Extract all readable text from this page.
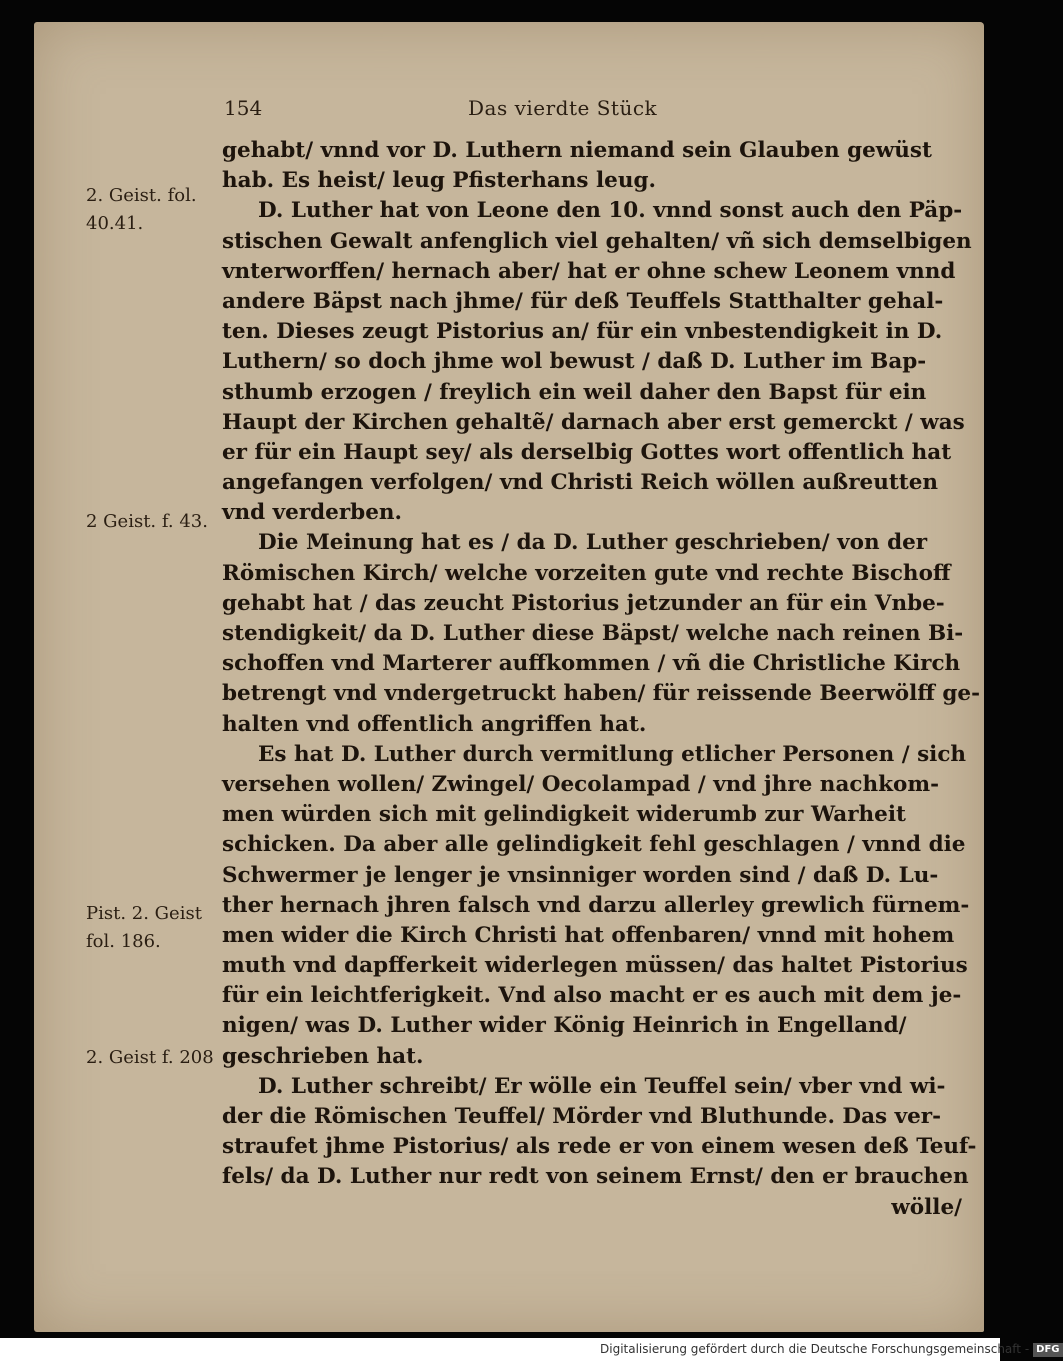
154	Das vierdte Stück
2. Geist. fol.
40.41.
2 Geist. f. 43.
Pist. 2. Geist
fol. 186.
2. Geist f. 208
gehabt/ vnnd vor D. Luthern niemand sein Glauben gewüst
hab. Es heist/ leug Pfisterhans leug.
D. Luther hat von Leone den 10. vnnd sonst auch den Päp-
stischen Gewalt anfenglich viel gehalten/ vñ sich demselbigen
vnterworffen/ hernach aber/ hat er ohne schew Leonem vnnd
andere Bäpst nach jhme/ für deß Teuffels Statthalter gehal-
ten. Dieses zeugt Pistorius an/ für ein vnbestendigkeit in D.
Luthern/ so doch jhme wol bewust / daß D. Luther im Bap-
sthumb erzogen / freylich ein weil daher den Bapst für ein
Haupt der Kirchen gehaltẽ/ darnach aber erst gemerckt / was
er für ein Haupt sey/ als derselbig Gottes wort offentlich hat
angefangen verfolgen/ vnd Christi Reich wöllen außreutten
vnd verderben.
Die Meinung hat es / da D. Luther geschrieben/ von der
Römischen Kirch/ welche vorzeiten gute vnd rechte Bischoff
gehabt hat / das zeucht Pistorius jetzunder an für ein Vnbe-
stendigkeit/ da D. Luther diese Bäpst/ welche nach reinen Bi-
schoffen vnd Marterer auffkommen / vñ die Christliche Kirch
betrengt vnd vndergetruckt haben/ für reissende Beerwölff ge-
halten vnd offentlich angriffen hat.
Es hat D. Luther durch vermitlung etlicher Personen / sich
versehen wollen/ Zwingel/ Oecolampad / vnd jhre nachkom-
men würden sich mit gelindigkeit widerumb zur Warheit
schicken. Da aber alle gelindigkeit fehl geschlagen / vnnd die
Schwermer je lenger je vnsinniger worden sind / daß D. Lu-
ther hernach jhren falsch vnd darzu allerley grewlich fürnem-
men wider die Kirch Christi hat offenbaren/ vnnd mit hohem
muth vnd dapfferkeit widerlegen müssen/ das haltet Pistorius
für ein leichtferigkeit. Vnd also macht er es auch mit dem je-
nigen/ was D. Luther wider König Heinrich in Engelland/
geschrieben hat.
D. Luther schreibt/ Er wölle ein Teuffel sein/ vber vnd wi-
der die Römischen Teuffel/ Mörder vnd Bluthunde. Das ver-
straufet jhme Pistorius/ als rede er von einem wesen deß Teuf-
fels/ da D. Luther nur redt von seinem Ernst/ den er brauchen
wölle/
Digitalisierung gefördert durch die Deutsche Forschungsgemeinschaft - DFG
